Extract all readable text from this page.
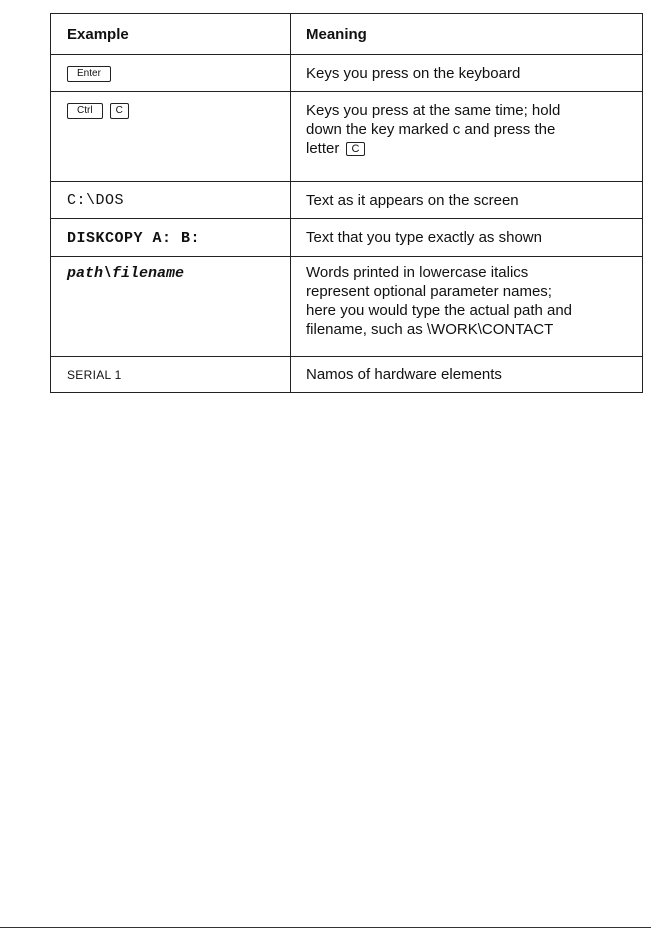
Example	Meaning
Enter	Keys you press on the keyboard
Ctrl C	Keys you press at the same time; hold
down the key marked c and press the
letter C

C:\DOS	Text as it appears on the screen
DISKCOPY A: B:	Text that you type exactly as shown
path\filename	Words printed in lowercase italics
represent optional parameter names;
here you would type the actual path and
filename, such as \WORK\CONTACT

SERIAL 1	Namos of hardware elements
